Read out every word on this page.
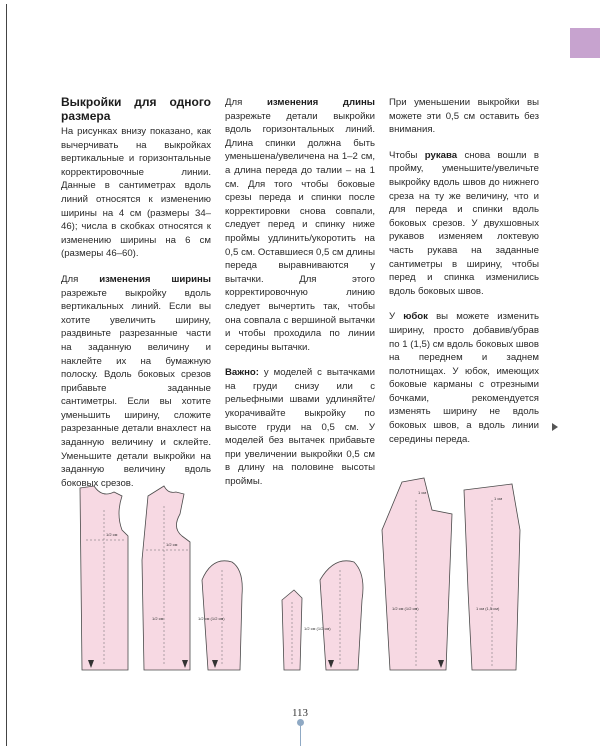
Выкройки для одного размера

На рисунках внизу показано, как вычерчивать на выкройках вертикальные и горизонтальные корректировочные линии. Данные в сантиметрах вдоль линий относятся к изменению ширины на 4 см (размеры 34–46); числа в скобках относятся к изменению ширины на 6 см (размеры 46–60).

Для изменения ширины разрежьте выкройку вдоль вертикальных линий. Если вы хотите увеличить ширину, раздвиньте разрезанные части на заданную величину и наклейте их на бумажную полоску. Вдоль боковых срезов прибавьте заданные сантиметры. Если вы хотите уменьшить ширину, сложите разрезанные детали внахлест на заданную величину и склейте. Уменьшите детали выкройки на заданную величину вдоль боковых срезов.

Для изменения длины разрежьте детали выкройки вдоль горизонтальных линий. Длина спинки должна быть уменьшена/увеличена на 1–2 см, а длина переда до талии – на 1 см. Для того чтобы боковые срезы переда и спинки после корректировки снова совпали, следует перед и спинку ниже проймы удлинить/укоротить на 0,5 см. Оставшиеся 0,5 см длины переда выравниваются у вытачки. Для этого корректировочную линию следует вычертить так, чтобы она совпала с вершиной вытачки и чтобы проходила по линии середины вытачки.

Важно: у моделей с вытачками на груди снизу или с рельефными швами удлиняйте/укорачивайте выкройку по высоте груди на 0,5 см. У моделей без вытачек прибавьте при увеличении выкройки 0,5 см в длину на половине высоты проймы.

При уменьшении выкройки вы можете эти 0,5 см оставить без внимания.

Чтобы рукава снова вошли в пройму, уменьшите/увеличьте выкройку вдоль швов до нижнего среза на ту же величину, что и для переда и спинки вдоль боковых срезов. У двухшовных рукавов изменяем локтевую часть рукава на заданные сантиметры в ширину, чтобы перед и спинка изменились вдоль боковых швов.

У юбок вы можете изменить ширину, просто добавив/убрав по 1 (1,5) см вдоль боковых швов на переднем и заднем полотнищах. У юбок, имеющих боковые карманы с отрезными бочками, рекомендуется изменять ширину не вдоль боковых швов, а вдоль линии середины переда.

1/2 см
1/2 см
1/2 см	1/2 см (1/2 см)
1/2 см (1/2 см)
1 см
1/2 см (1/2 см)	1 см (1,5 см)
1 см
113
